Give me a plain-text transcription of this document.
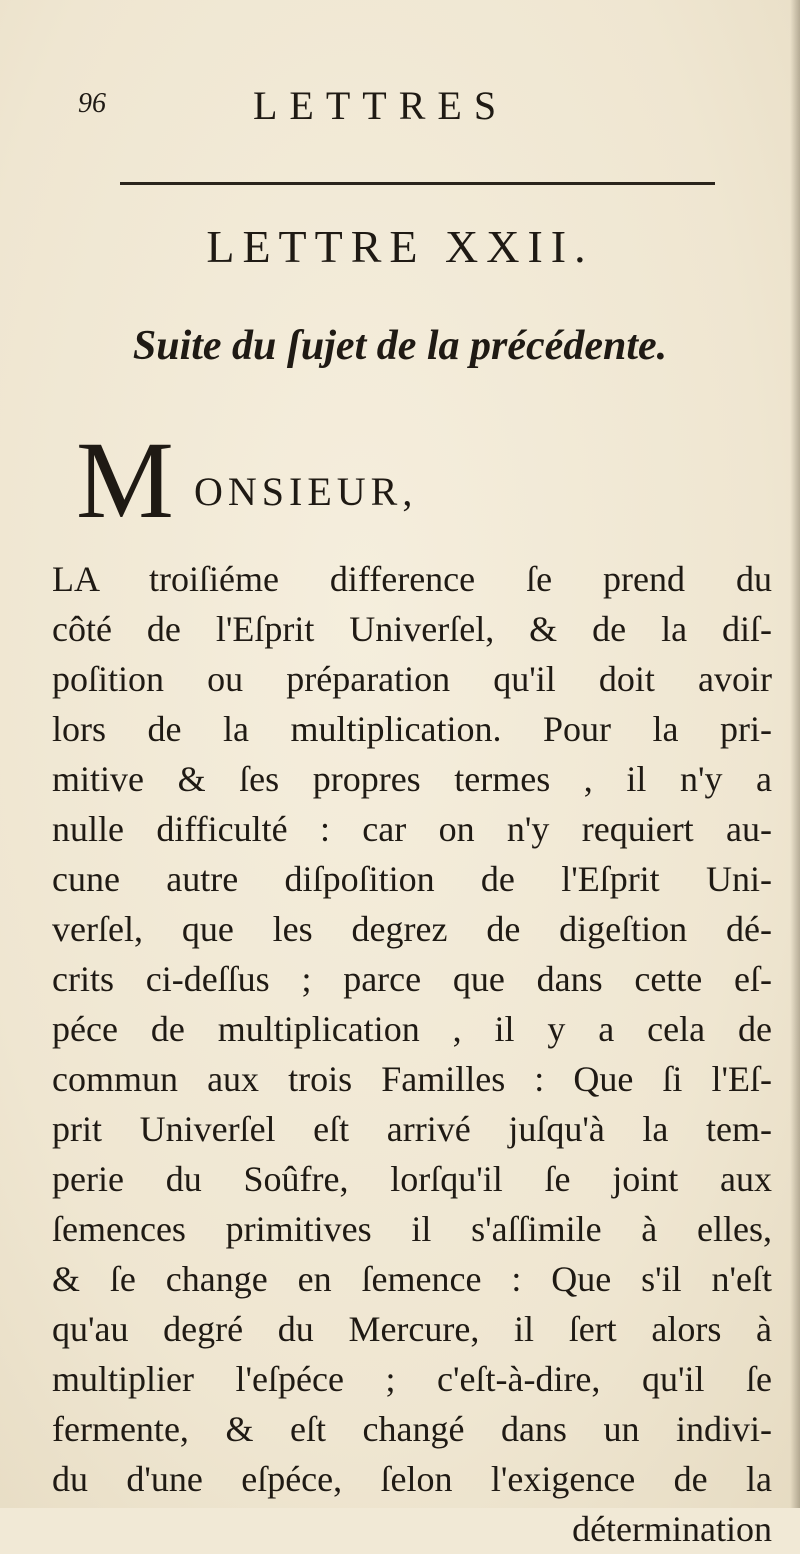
96	LETTRES
LETTRE XXII.
Suite du ſujet de la précédente.
M ONSIEUR,
LA troiſiéme difference ſe prend du
côté de l'Eſprit Univerſel, & de la diſ-
poſition ou préparation qu'il doit avoir
lors de la multiplication. Pour la pri-
mitive & ſes propres termes , il n'y a
nulle difficulté : car on n'y requiert au-
cune autre diſpoſition de l'Eſprit Uni-
verſel, que les degrez de digeſtion dé-
crits ci-deſſus ; parce que dans cette eſ-
péce de multiplication , il y a cela de
commun aux trois Familles : Que ſi l'Eſ-
prit Univerſel eſt arrivé juſqu'à la tem-
perie du Soûfre, lorſqu'il ſe joint aux
ſemences primitives il s'aſſimile à elles,
& ſe change en ſemence : Que s'il n'eſt
qu'au degré du Mercure, il ſert alors à
multiplier l'eſpéce ; c'eſt-à-dire, qu'il ſe
fermente, & eſt changé dans un indivi-
du d'une eſpéce, ſelon l'exigence de la
détermination
